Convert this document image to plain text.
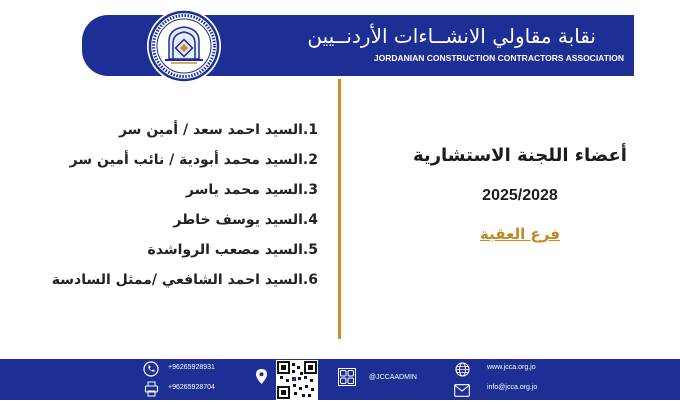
نقابة مقاولي الانشــاءات الأردنــيين
JORDANIAN CONSTRUCTION CONTRACTORS ASSOCIATION
1.السيد احمد سعد / أمين سر
2.السيد محمد أبودية / نائب أمين سر
3.السيد محمد ياسر
4.السيد يوسف خاطر
5.السيد مصعب الرواشدة
6.السيد احمد الشافعي /ممثل السادسة
أعضاء اللجنة الاستشارية
2025/2028
فرع العقبة
+96265928931
+96265928704
@JCCAADMIN
www.jcca.org.jo
info@jcca.org.jo
